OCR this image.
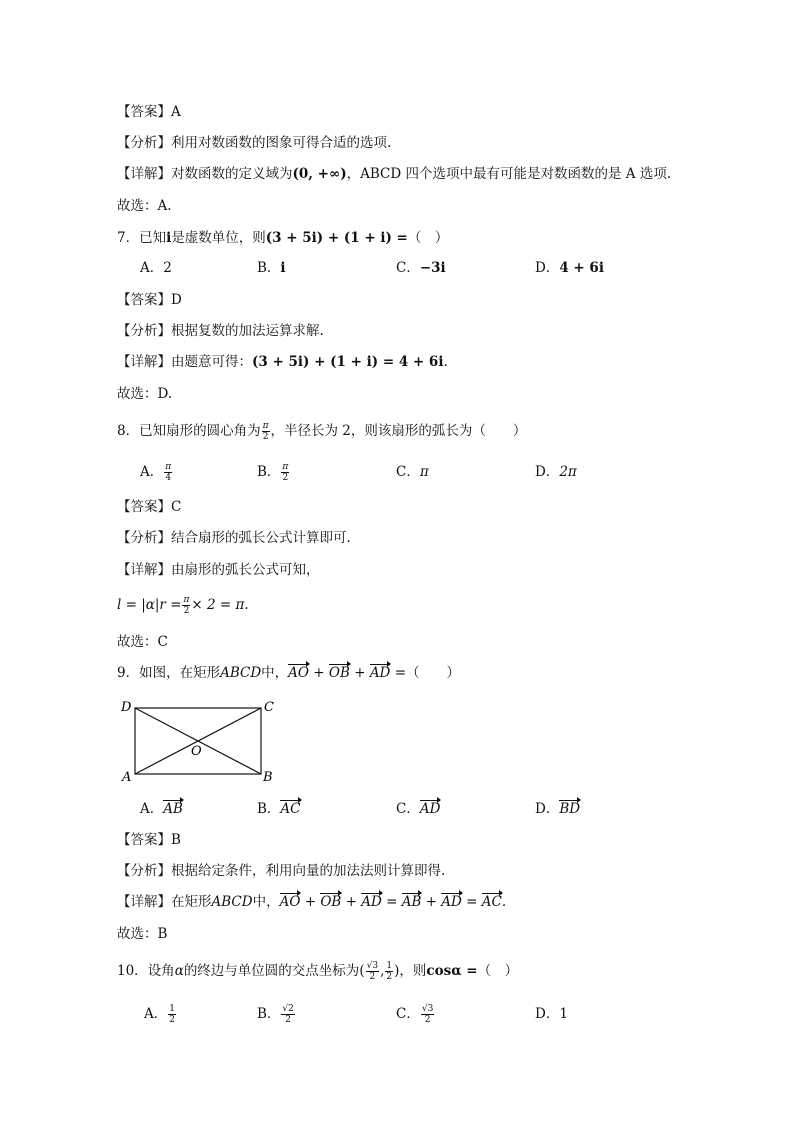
【答案】A
【分析】利用对数函数的图象可得合适的选项.
【详解】对数函数的定义域为(0, +∞)，ABCD 四个选项中最有可能是对数函数的是 A 选项.
故选：A.
7．已知i是虚数单位，则(3 + 5i) + (1 + i) =（　）
A．2	B．i	C．−3i	D．4 + 6i
【答案】D
【分析】根据复数的加法运算求解.
【详解】由题意可得：(3 + 5i) + (1 + i) = 4 + 6i.
故选：D.
8．已知扇形的圆心角为 $\frac{\pi}{2}$ ，半径长为 2，则该扇形的弧长为（　　）
A． $\frac{\pi}{4}$	B． $\frac{\pi}{2}$	C．π	D．2π
【答案】C
【分析】结合扇形的弧长公式计算即可.
【详解】由扇形的弧长公式可知，
$l = |\alpha|r = \frac{\pi}{2} \times 2 = \pi$.
故选：C
9．如图，在矩形ABCD中，AO + OB + AD =（　　）
D	C
A	B
O
A．AB	B．AC	C．AD	D．BD
【答案】B
【分析】根据给定条件，利用向量的加法法则计算即得.
【详解】在矩形ABCD中，AO + OB + AD = AB + AD = AC.
故选：B
10．设角α的终边与单位圆的交点坐标为( $\frac{√3}{2}$ , $\frac{1}{2}$ )，则cosα =（　）
A． $\frac{1}{2}$	B． $\frac{√2}{2}$	C． $\frac{√3}{2}$	D．1
